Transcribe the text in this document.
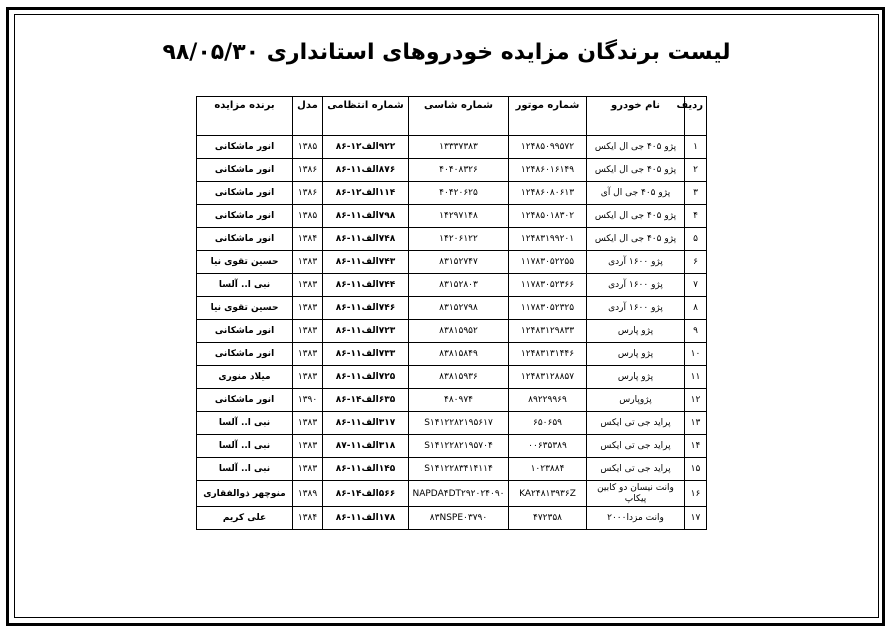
لیست برندگان مزایده خودروهای استانداری ۹۸/۰۵/۳۰
ردیف	نام خودرو	شماره موتور	شماره شاسی	شماره انتظامی	مدل	برنده مزایده
۱	پژو ۴۰۵ جی ال ایکس	۱۲۴۸۵۰۹۹۵۷۲	۱۳۳۳۷۳۸۳	۹۲۲الف۱۲-۸۶	۱۳۸۵	انور ماشکانی
۲	پژو ۴۰۵ جی ال ایکس	۱۲۴۸۶۰۱۶۱۴۹	۴۰۴۰۸۳۲۶	۸۷۶الف۱۱-۸۶	۱۳۸۶	انور ماشکانی
۳	پژو ۴۰۵ جی ال آی	۱۲۴۸۶۰۸۰۶۱۳	۴۰۴۲۰۶۲۵	۱۱۴الف۱۲-۸۶	۱۳۸۶	انور ماشکانی
۴	پژو ۴۰۵ جی ال ایکس	۱۲۴۸۵۰۱۸۳۰۲	۱۴۲۹۷۱۴۸	۷۹۸الف۱۱-۸۶	۱۳۸۵	انور ماشکانی
۵	پژو ۴۰۵ جی ال ایکس	۱۲۴۸۳۱۹۹۲۰۱	۱۴۲۰۶۱۲۲	۷۴۸الف۱۱-۸۶	۱۳۸۴	انور ماشکانی
۶	پژو ۱۶۰۰ آردی	۱۱۷۸۳۰۵۲۲۵۵	۸۳۱۵۲۷۴۷	۷۴۳الف۱۱-۸۶	۱۳۸۳	حسین تقوی نیا
۷	پژو ۱۶۰۰ آردی	۱۱۷۸۳۰۵۲۳۶۶	۸۳۱۵۲۸۰۳	۷۴۴الف۱۱-۸۶	۱۳۸۳	نبی ا.. آلسا
۸	پژو ۱۶۰۰ آردی	۱۱۷۸۳۰۵۲۳۲۵	۸۳۱۵۲۷۹۸	۷۴۶الف۱۱-۸۶	۱۳۸۳	حسین تقوی نیا
۹	پژو پارس	۱۲۴۸۳۱۲۹۸۳۳	۸۳۸۱۵۹۵۲	۷۲۳الف۱۱-۸۶	۱۳۸۳	انور ماشکانی
۱۰	پژو پارس	۱۲۴۸۳۱۳۱۴۴۶	۸۳۸۱۵۸۴۹	۷۳۳الف۱۱-۸۶	۱۳۸۳	انور ماشکانی
۱۱	پژو پارس	۱۲۴۸۳۱۲۸۸۵۷	۸۳۸۱۵۹۳۶	۷۲۵الف۱۱-۸۶	۱۳۸۳	میلاد منوری
۱۲	پژوپارس	۸۹۲۲۹۹۶۹	۴۸۰۹۷۴	۶۳۵الف۱۴-۸۶	۱۳۹۰	انور ماشکانی
۱۳	پراید جی تی ایکس	۶۵۰۶۵۹	S۱۴۱۲۲۸۲۱۹۵۶۱۷	۳۱۷الف۱۱-۸۶	۱۳۸۳	نبی ا.. آلسا
۱۴	پراید جی تی ایکس	۰۰۶۳۵۳۸۹	S۱۴۱۲۲۸۲۱۹۵۷۰۴	۳۱۸الف۱۱-۸۷	۱۳۸۳	نبی ا.. آلسا
۱۵	پراید جی تی ایکس	۱۰۲۳۸۸۴	S۱۴۱۲۲۸۳۴۱۴۱۱۴	۱۴۵الف۱۱-۸۶	۱۳۸۳	نبی ا.. آلسا
۱۶	وانت نیسان دو کابین پیکاپ	KA۲۴۸۱۳۹۳۶Z	NAPDA۴DT۲۹۲۰۲۴۰۹۰	۵۶۶الف۱۴-۸۶	۱۳۸۹	منوچهر ذوالفقاری
۱۷	وانت مزدا۲۰۰۰	۴۷۲۳۵۸	۸۳NSPE۰۳۷۹۰	۱۷۸الف۱۱-۸۶	۱۳۸۴	علی کریم
